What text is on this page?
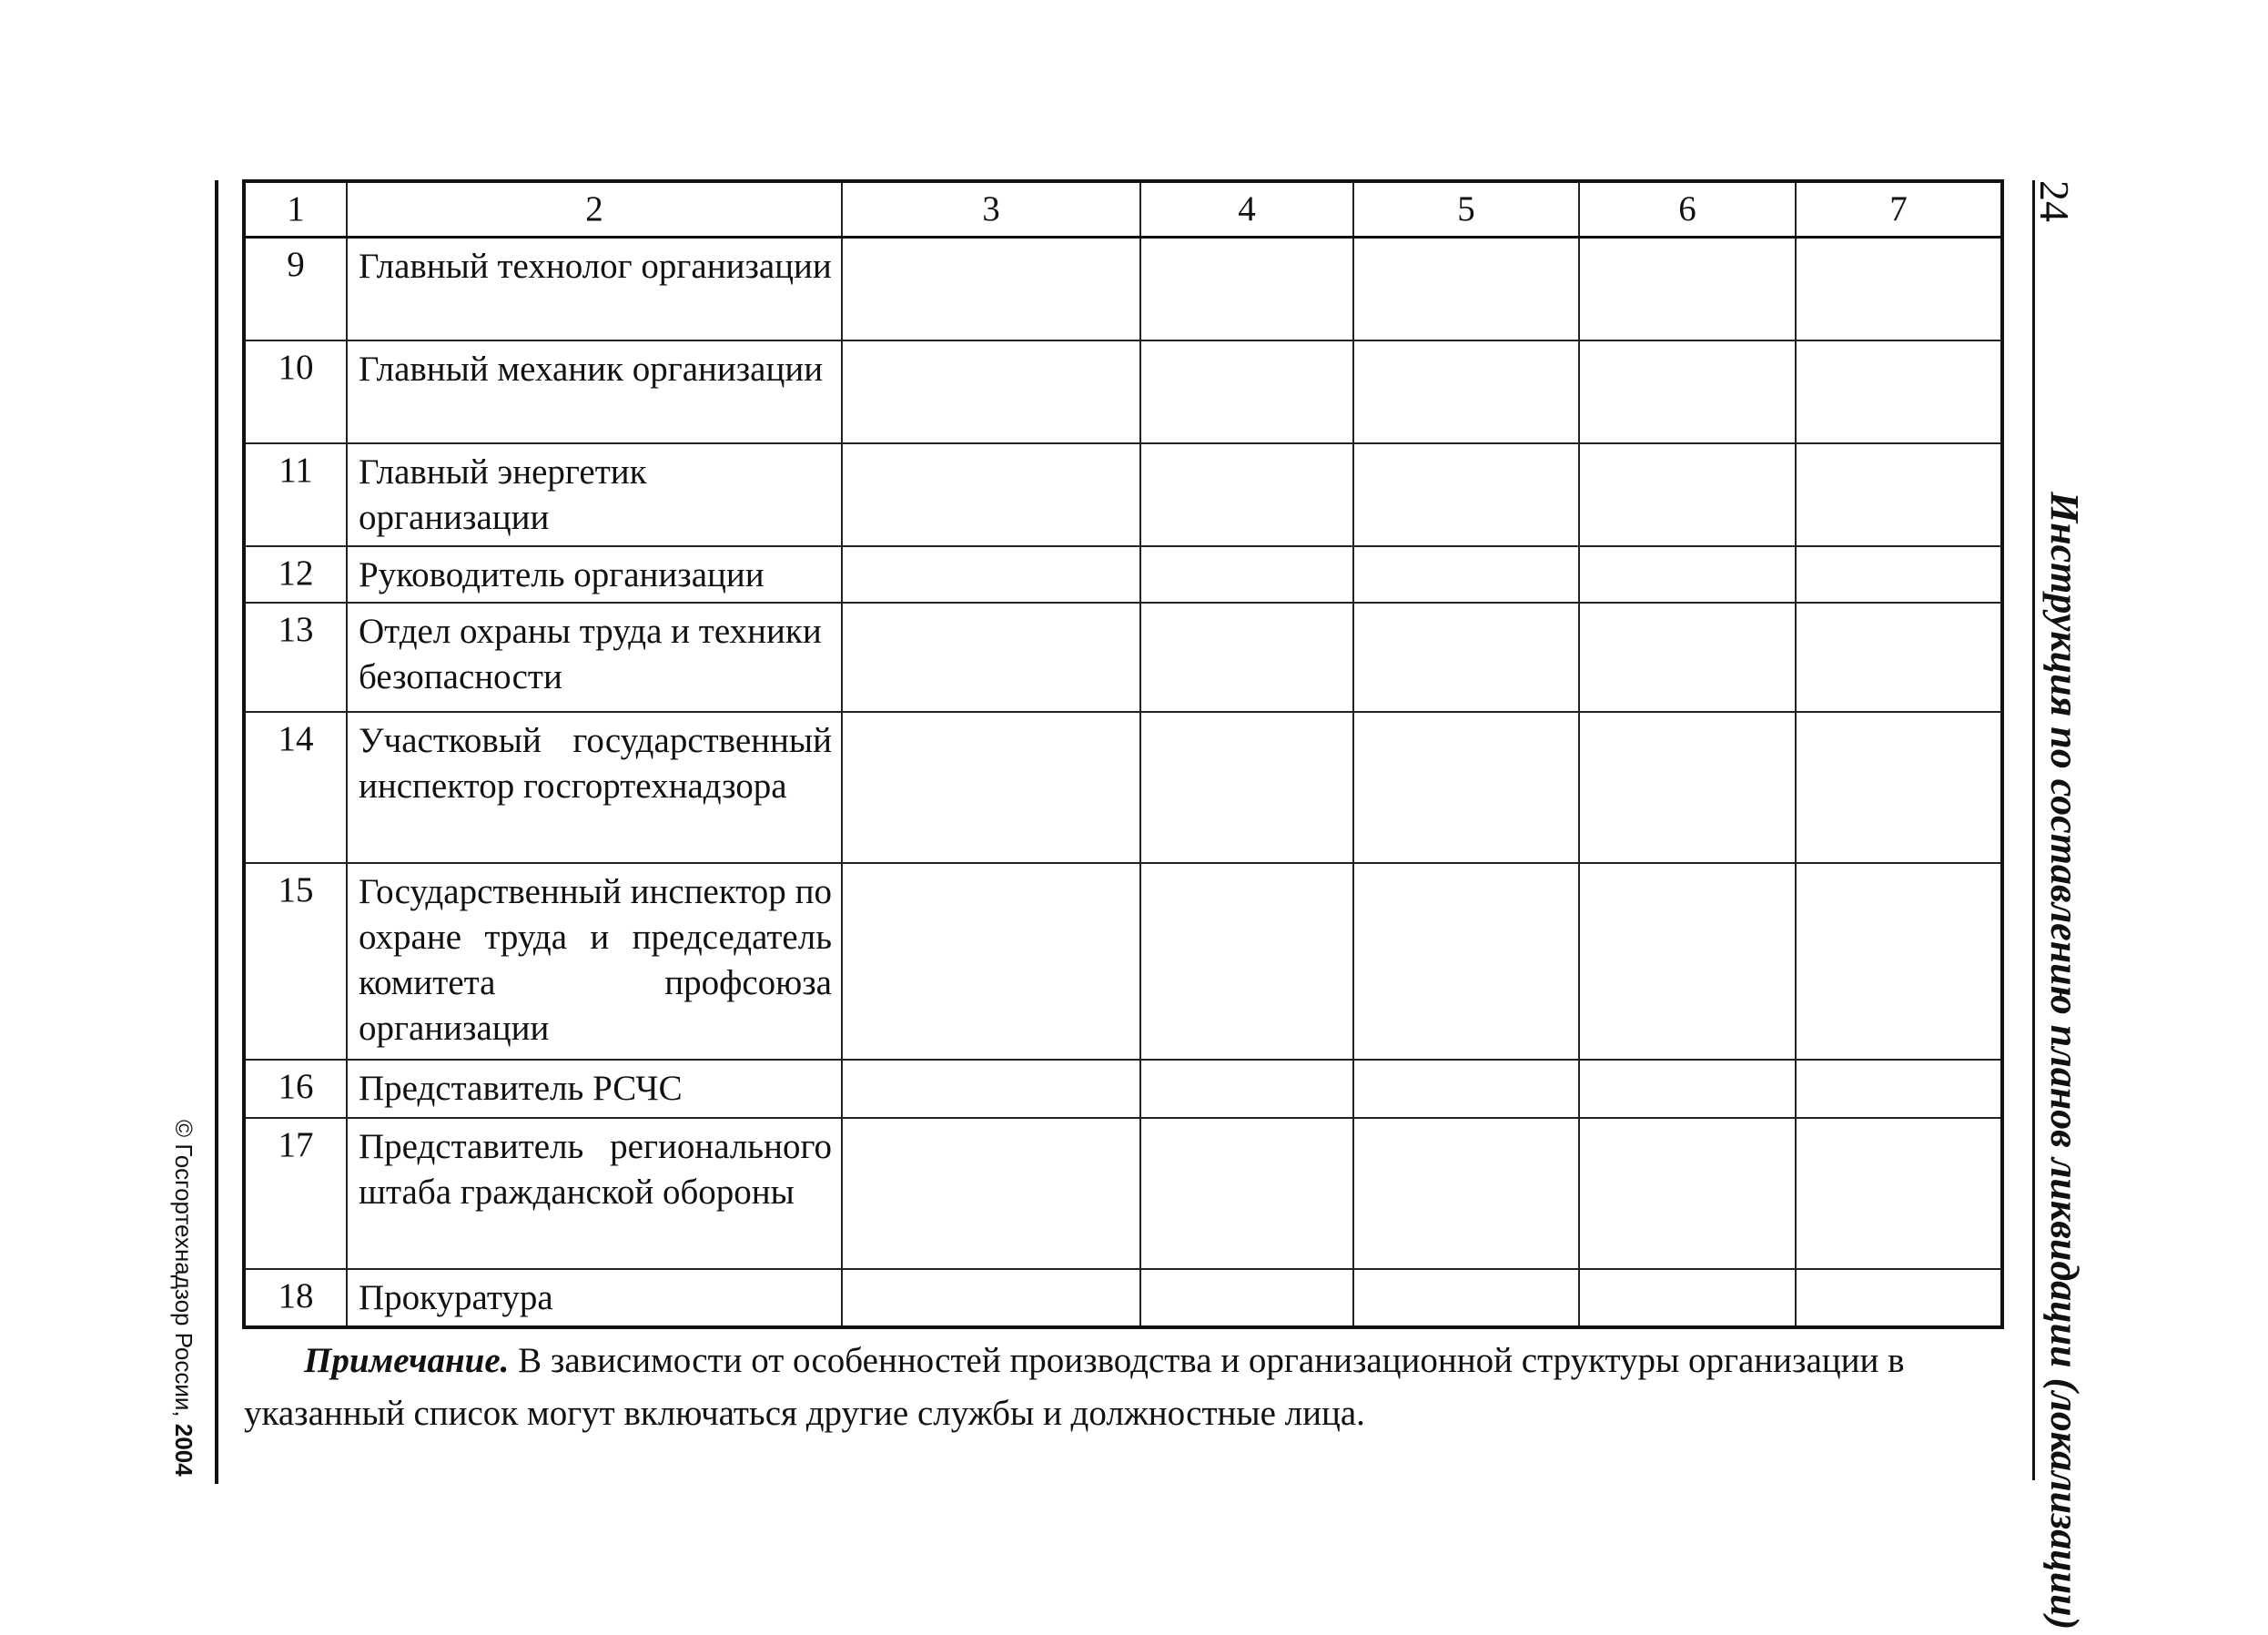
© Госгортехнадзор России, 2004
24
Инструкция по составлению планов ликвидации (локализации)
1	2	3	4	5	6	7
9	Главный технолог организации					
10	Главный механик организации					
11	Главный энергетик организации					
12	Руководитель организации					
13	Отдел охраны труда и техники безопасности					
14	Участковый государственный инспектор госгортехнадзора					
15	Государственный инспектор по охране труда и председатель комитета профсоюза организации					
16	Представитель РСЧС					
17	Представитель регионального штаба гражданской обороны					
18	Прокуратура					
Примечание. В зависимости от особенностей производства и организационной структуры организации в указанный список могут включаться другие службы и должностные лица.
